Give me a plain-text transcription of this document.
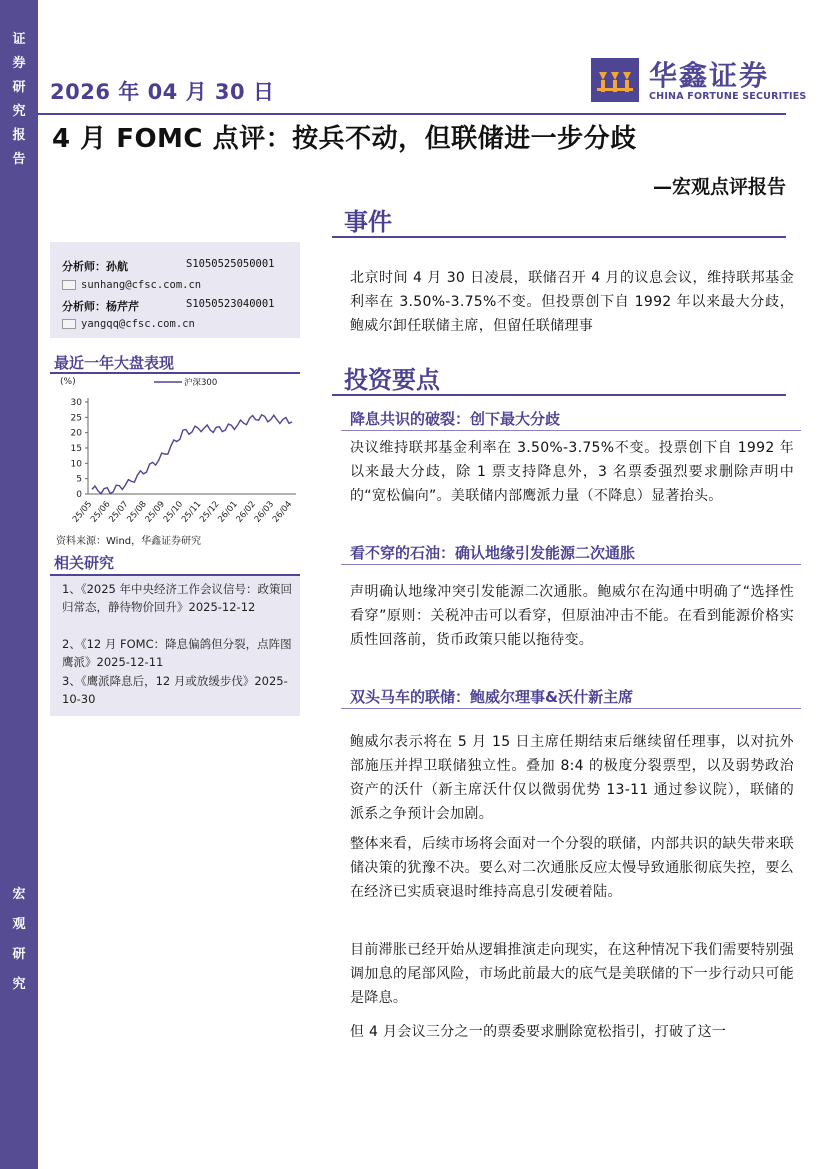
证
券
研
究
报
告
宏
观
研
究
2026 年 04 月 30 日	华鑫证券
CHINA FORTUNE SECURITIES
4 月 FOMC 点评：按兵不动，但联储进一步分歧
—宏观点评报告
分析师：孙航	S1050525050001
sunhang@cfsc.com.cn
分析师：杨芹芹	S1050523040001
yangqq@cfsc.com.cn
最近一年大盘表现
(%)
0
5
10
15
20
25
30
25/05
25/06
25/07
25/08
25/09
25/10
25/11
25/12
26/01
26/02
26/03
26/04
沪深300
资料来源：Wind，华鑫证券研究
相关研究
1、《2025 年中央经济工作会议信号：政策回归常态，静待物价回升》2025-12-12
2、《12 月 FOMC：降息偏鸽但分裂，点阵图鹰派》2025-12-11
3、《鹰派降息后，12 月或放缓步伐》2025-10-30
事件
北京时间 4 月 30 日凌晨，联储召开 4 月的议息会议，维持联邦基金利率在 3.50%-3.75%不变。但投票创下自 1992 年以来最大分歧，鲍威尔卸任联储主席，但留任联储理事
投资要点
降息共识的破裂：创下最大分歧
决议维持联邦基金利率在 3.50%-3.75%不变。投票创下自 1992 年以来最大分歧，除 1 票支持降息外，3 名票委强烈要求删除声明中的“宽松偏向”。美联储内部鹰派力量（不降息）显著抬头。
看不穿的石油：确认地缘引发能源二次通胀
声明确认地缘冲突引发能源二次通胀。鲍威尔在沟通中明确了“选择性看穿”原则：关税冲击可以看穿，但原油冲击不能。在看到能源价格实质性回落前，货币政策只能以拖待变。
双头马车的联储：鲍威尔理事&沃什新主席
鲍威尔表示将在 5 月 15 日主席任期结束后继续留任理事，以对抗外部施压并捍卫联储独立性。叠加 8:4 的极度分裂票型，以及弱势政治资产的沃什（新主席沃什仅以微弱优势 13-11 通过参议院），联储的派系之争预计会加剧。
整体来看，后续市场将会面对一个分裂的联储，内部共识的缺失带来联储决策的犹豫不决。要么对二次通胀反应太慢导致通胀彻底失控，要么在经济已实质衰退时维持高息引发硬着陆。
目前滞胀已经开始从逻辑推演走向现实，在这种情况下我们需要特别强调加息的尾部风险，市场此前最大的底气是美联储的下一步行动只可能是降息。
但 4 月会议三分之一的票委要求删除宽松指引，打破了这一
